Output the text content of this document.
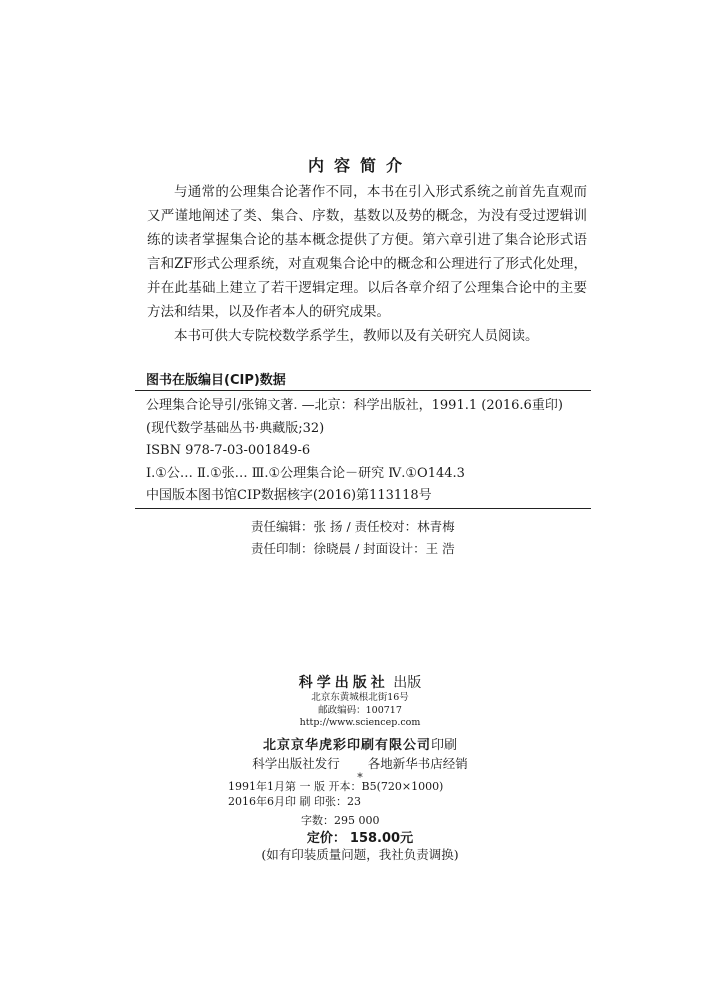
内容简介

与通常的公理集合论著作不同，本书在引入形式系统之前首先直观而又严谨地阐述了类、集合、序数，基数以及势的概念，为没有受过逻辑训练的读者掌握集合论的基本概念提供了方便。第六章引进了集合论形式语言和ZF形式公理系统，对直观集合论中的概念和公理进行了形式化处理，并在此基础上建立了若干逻辑定理。以后各章介绍了公理集合论中的主要方法和结果，以及作者本人的研究成果。

本书可供大专院校数学系学生，教师以及有关研究人员阅读。

图书在版编目(CIP)数据
公理集合论导引/张锦文著. —北京：科学出版社，1991.1 (2016.6重印)
(现代数学基础丛书·典藏版;32)
ISBN 978-7-03-001849-6
Ⅰ.①公… Ⅱ.①张… Ⅲ.①公理集合论－研究 Ⅳ.①O144.3
中国版本图书馆CIP数据核字(2016)第113118号
责任编辑：张 扬 / 责任校对：林青梅
责任印制：徐晓晨 / 封面设计：王 浩
科学出版社 出版
北京东黄城根北街16号
邮政编码：100717
http://www.sciencep.com
北京京华虎彩印刷有限公司印刷
科学出版社发行 各地新华书店经销
*
1991年1月第 一 版 开本：B5(720×1000)
2016年6月印 刷 印张：23
字数：295 000
定价： 158.00元
(如有印装质量问题，我社负责调换)
